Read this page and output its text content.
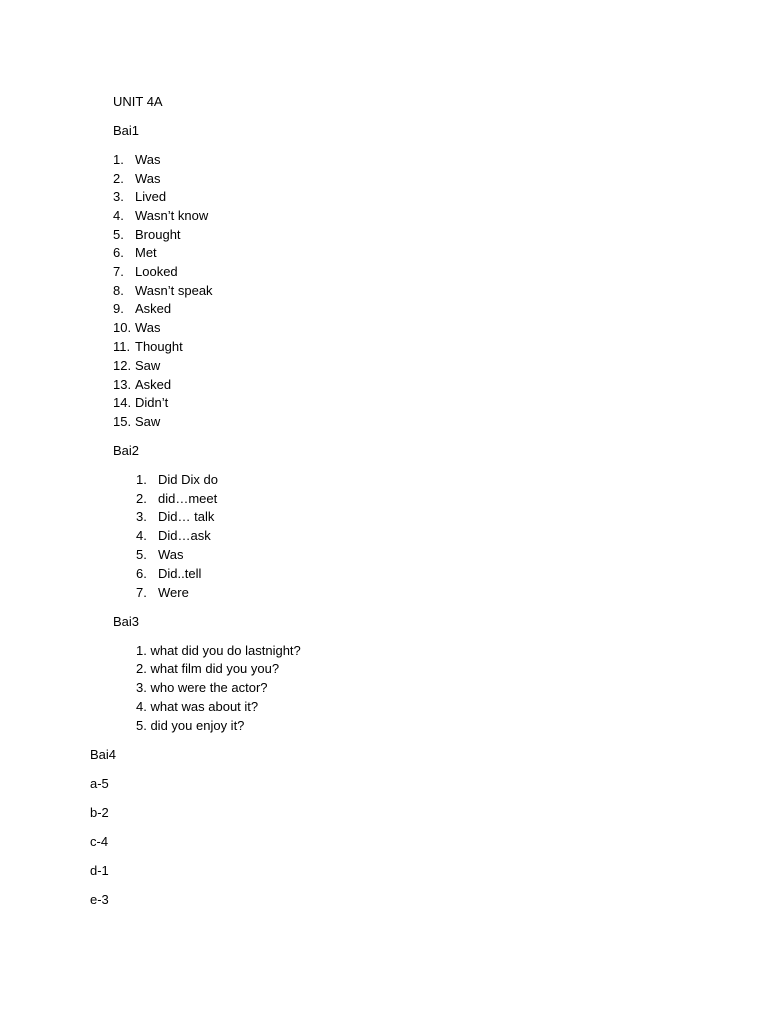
UNIT 4A
Bai1
1. Was
2. Was
3. Lived
4. Wasn’t know
5. Brought
6. Met
7. Looked
8. Wasn’t speak
9. Asked
10. Was
11. Thought
12. Saw
13. Asked
14. Didn’t
15. Saw
Bai2
1. Did Dix do
2. did…meet
3. Did… talk
4. Did…ask
5. Was
6. Did..tell
7. Were
Bai3
1. what did you do lastnight?
2. what film did you you?
3. who were the actor?
4. what was about it?
5. did you enjoy it?
Bai4
a-5
b-2
c-4
d-1
e-3
